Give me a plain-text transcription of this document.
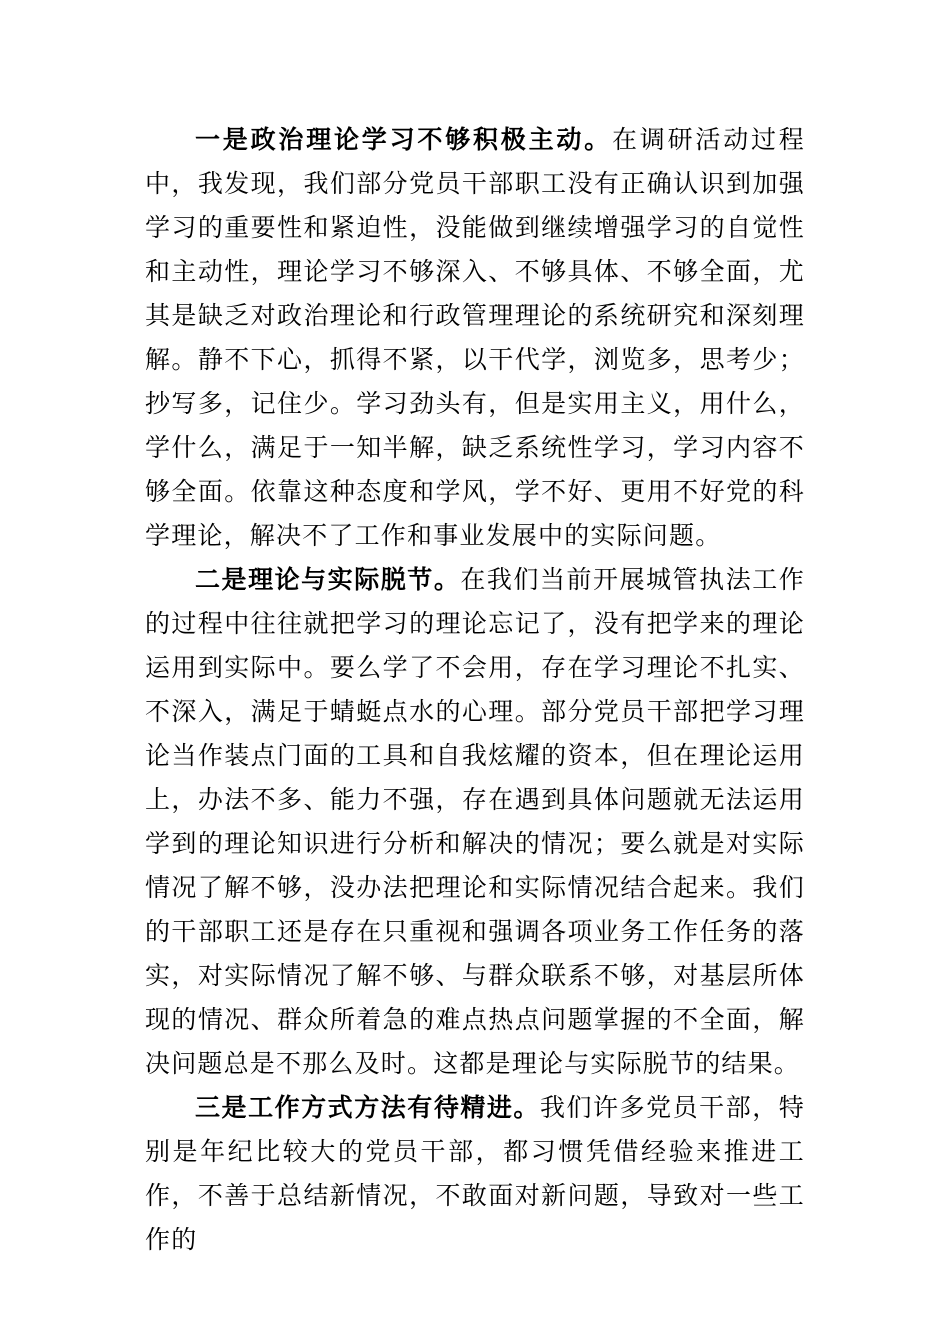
一是政治理论学习不够积极主动。在调研活动过程中，我发现，我们部分党员干部职工没有正确认识到加强学习的重要性和紧迫性，没能做到继续增强学习的自觉性和主动性，理论学习不够深入、不够具体、不够全面，尤其是缺乏对政治理论和行政管理理论的系统研究和深刻理解。静不下心，抓得不紧，以干代学，浏览多，思考少；抄写多，记住少。学习劲头有，但是实用主义，用什么，学什么，满足于一知半解，缺乏系统性学习，学习内容不够全面。依靠这种态度和学风，学不好、更用不好党的科学理论，解决不了工作和事业发展中的实际问题。

二是理论与实际脱节。在我们当前开展城管执法工作的过程中往往就把学习的理论忘记了，没有把学来的理论运用到实际中。要么学了不会用，存在学习理论不扎实、不深入，满足于蜻蜓点水的心理。部分党员干部把学习理论当作装点门面的工具和自我炫耀的资本，但在理论运用上，办法不多、能力不强，存在遇到具体问题就无法运用学到的理论知识进行分析和解决的情况；要么就是对实际情况了解不够，没办法把理论和实际情况结合起来。我们的干部职工还是存在只重视和强调各项业务工作任务的落实，对实际情况了解不够、与群众联系不够，对基层所体现的情况、群众所着急的难点热点问题掌握的不全面，解决问题总是不那么及时。这都是理论与实际脱节的结果。

三是工作方式方法有待精进。我们许多党员干部，特别是年纪比较大的党员干部，都习惯凭借经验来推进工作，不善于总结新情况，不敢面对新问题，导致对一些工作的
